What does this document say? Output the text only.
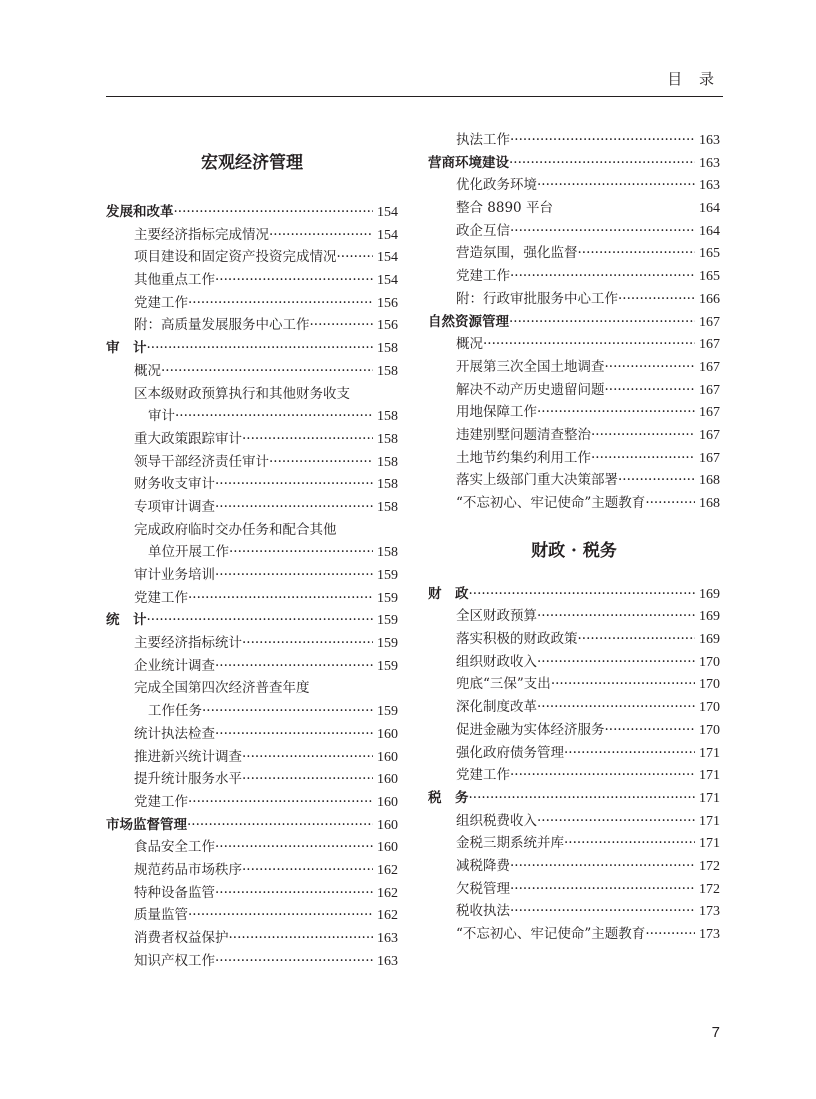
目 录
宏观经济管理
发展和改革 ·····	154
主要经济指标完成情况 ·····	154
项目建设和固定资产投资完成情况 ·····	154
其他重点工作 ·····	154
党建工作 ·····	156
附：高质量发展服务中心工作 ·····	156
审　计 ·····	158
概况 ·····	158
区本级财政预算执行和其他财务收支
审计 ·····	158
重大政策跟踪审计 ·····	158
领导干部经济责任审计 ·····	158
财务收支审计 ·····	158
专项审计调查 ·····	158
完成政府临时交办任务和配合其他
单位开展工作 ·····	158
审计业务培训 ·····	159
党建工作 ·····	159
统　计 ·····	159
主要经济指标统计 ·····	159
企业统计调查 ·····	159
完成全国第四次经济普查年度
工作任务 ·····	159
统计执法检查 ·····	160
推进新兴统计调查 ·····	160
提升统计服务水平 ·····	160
党建工作 ·····	160
市场监督管理 ·····	160
食品安全工作 ·····	160
规范药品市场秩序 ·····	162
特种设备监管 ·····	162
质量监管 ·····	162
消费者权益保护 ·····	163
知识产权工作 ·····	163
执法工作 ·····	163
营商环境建设 ·····	163
优化政务环境 ·····	163
整合 8890 平台	164
政企互信 ·····	164
营造氛围，强化监督 ·····	165
党建工作 ·····	165
附：行政审批服务中心工作 ·····	166
自然资源管理 ·····	167
概况 ·····	167
开展第三次全国土地调查 ·····	167
解决不动产历史遗留问题 ·····	167
用地保障工作 ·····	167
违建别墅问题清查整治 ·····	167
土地节约集约利用工作 ·····	167
落实上级部门重大决策部署 ·····	168
“不忘初心、牢记使命”主题教育 ·····	168
财政 · 税务
财　政 ·····	169
全区财政预算 ·····	169
落实积极的财政政策 ·····	169
组织财政收入 ·····	170
兜底“三保”支出 ·····	170
深化制度改革 ·····	170
促进金融为实体经济服务 ·····	170
强化政府债务管理 ·····	171
党建工作 ·····	171
税　务 ·····	171
组织税费收入 ·····	171
金税三期系统并库 ·····	171
减税降费 ·····	172
欠税管理 ·····	172
税收执法 ·····	173
“不忘初心、牢记使命”主题教育 ·····	173
7
